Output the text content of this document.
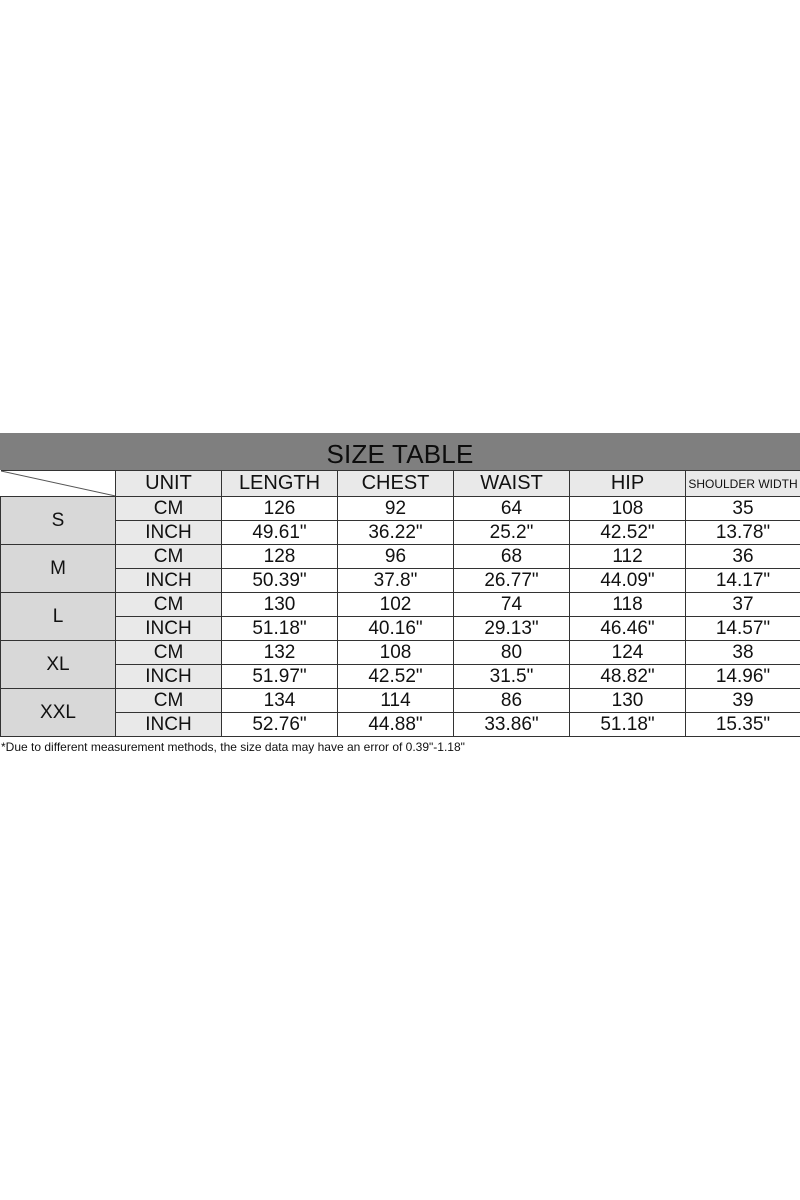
SIZE TABLE
	UNIT	LENGTH	CHEST	WAIST	HIP	SHOULDER WIDTH
S	CM	126	92	64	108	35
	INCH	49.61"	36.22"	25.2"	42.52"	13.78"
M	CM	128	96	68	112	36
	INCH	50.39"	37.8"	26.77"	44.09"	14.17"
L	CM	130	102	74	118	37
	INCH	51.18"	40.16"	29.13"	46.46"	14.57"
XL	CM	132	108	80	124	38
	INCH	51.97"	42.52"	31.5"	48.82"	14.96"
XXL	CM	134	114	86	130	39
	INCH	52.76"	44.88"	33.86"	51.18"	15.35"
*Due to different measurement methods, the size data may have an error of 0.39"-1.18"
